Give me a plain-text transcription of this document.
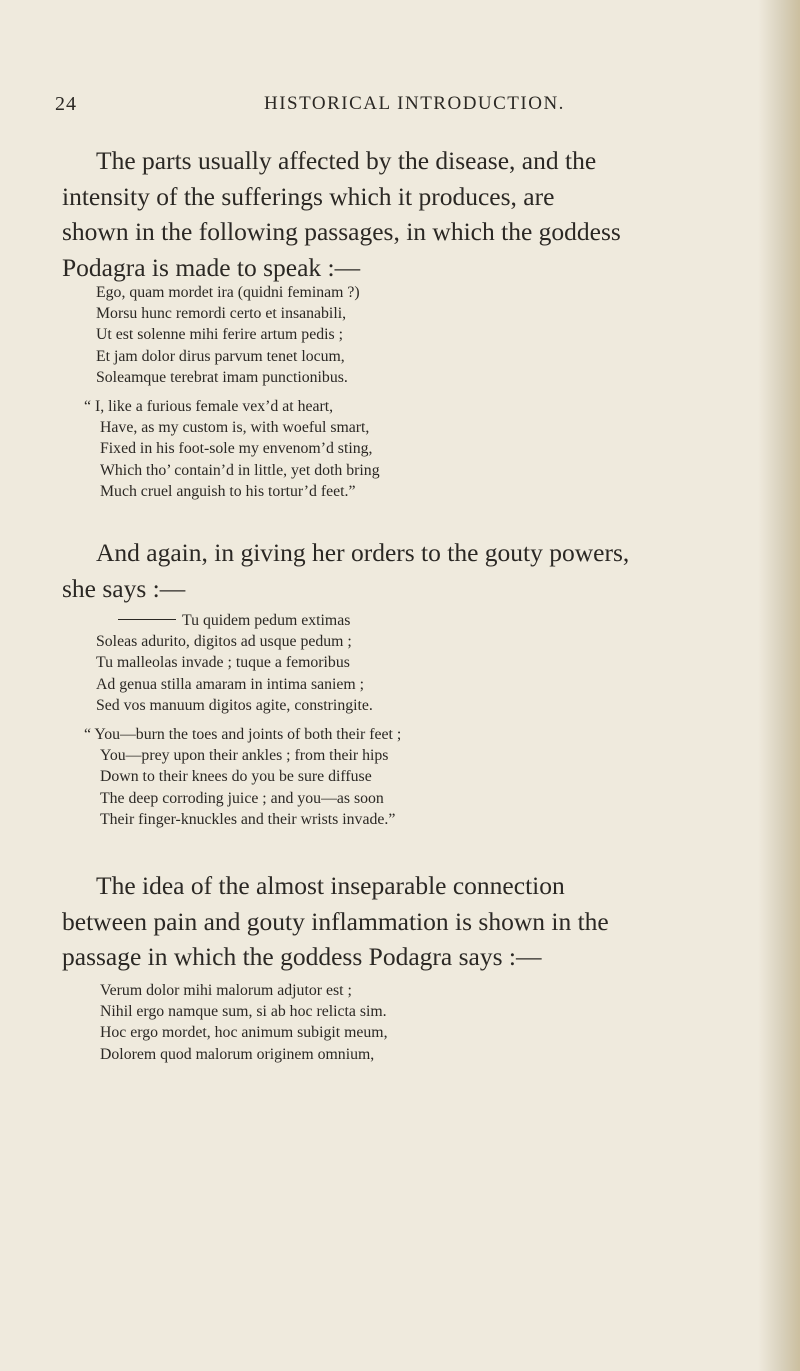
24	HISTORICAL INTRODUCTION.

The parts usually affected by the disease, and the
intensity of the sufferings which it produces, are
shown in the following passages, in which the goddess
Podagra is made to speak :—

Ego, quam mordet ira (quidni feminam ?)
Morsu hunc remordi certo et insanabili,
Ut est solenne mihi ferire artum pedis ;
Et jam dolor dirus parvum tenet locum,
Soleamque terebrat imam punctionibus.
“ I, like a furious female vex’d at heart,
Have, as my custom is, with woeful smart,
Fixed in his foot-sole my envenom’d sting,
Which tho’ contain’d in little, yet doth bring
Much cruel anguish to his tortur’d feet.”

And again, in giving her orders to the gouty powers,
she says :—

Tu quidem pedum extimas
Soleas adurito, digitos ad usque pedum ;
Tu malleolas invade ; tuque a femoribus
Ad genua stilla amaram in intima saniem ;
Sed vos manuum digitos agite, constringite.
“ You—burn the toes and joints of both their feet ;
You—prey upon their ankles ; from their hips
Down to their knees do you be sure diffuse
The deep corroding juice ; and you—as soon
Their finger-knuckles and their wrists invade.”

The idea of the almost inseparable connection
between pain and gouty inflammation is shown in the
passage in which the goddess Podagra says :—

Verum dolor mihi malorum adjutor est ;
Nihil ergo namque sum, si ab hoc relicta sim.
Hoc ergo mordet, hoc animum subigit meum,
Dolorem quod malorum originem omnium,
